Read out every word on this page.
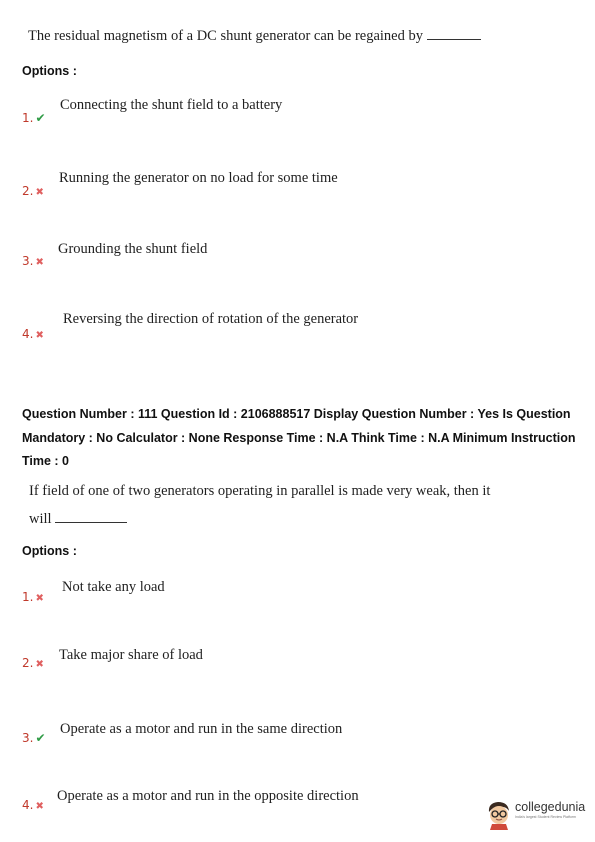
The residual magnetism of a DC shunt generator can be regained by
Options :
1. ✔
Connecting the shunt field to a battery
2. ✖
Running the generator on no load for some time
3. ✖
Grounding the shunt field
4. ✖
Reversing the direction of rotation of the generator
Question Number : 111 Question Id : 2106888517 Display Question Number : Yes Is Question
Mandatory : No Calculator : None Response Time : N.A Think Time : N.A Minimum Instruction
Time : 0
If field of one of two generators operating in parallel is made very weak, then it
will
Options :
1. ✖
Not take any load
2. ✖
Take major share of load
3. ✔
Operate as a motor and run in the same direction
4. ✖
Operate as a motor and run in the opposite direction
collegedunia
India's largest Student Review Platform
